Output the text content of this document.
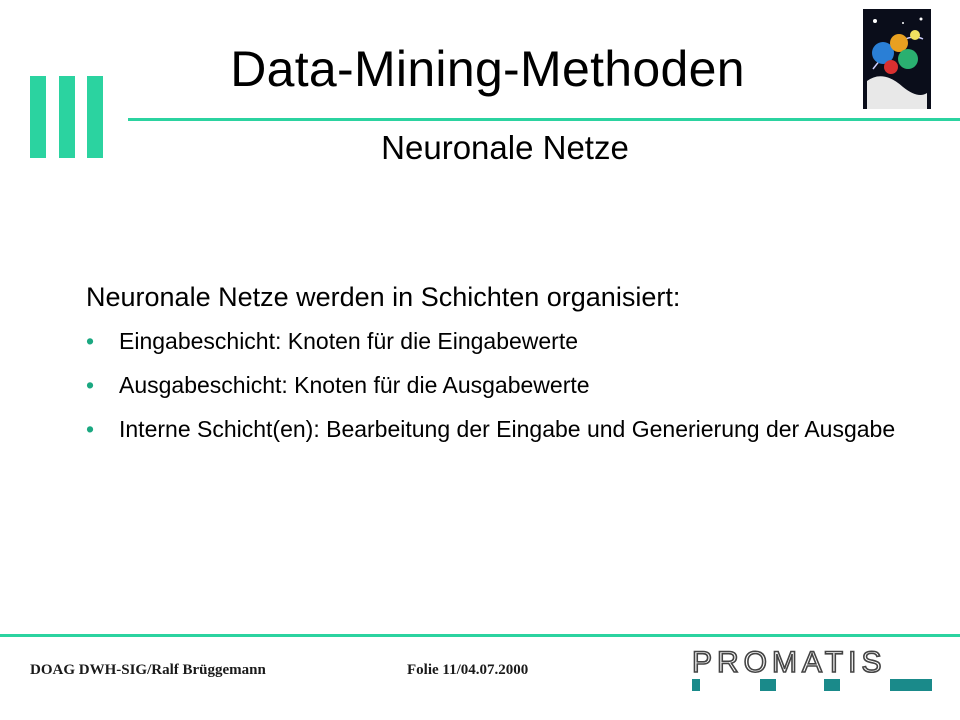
Data-Mining-Methoden
Neuronale Netze
Neuronale Netze werden in Schichten organisiert:
• Eingabeschicht: Knoten für die Eingabewerte
• Ausgabeschicht: Knoten für die Ausgabewerte
• Interne Schicht(en): Bearbeitung der Eingabe und Generierung der Ausgabe
DOAG DWH-SIG/Ralf Brüggemann	Folie 11/04.07.2000	PROMATIS
